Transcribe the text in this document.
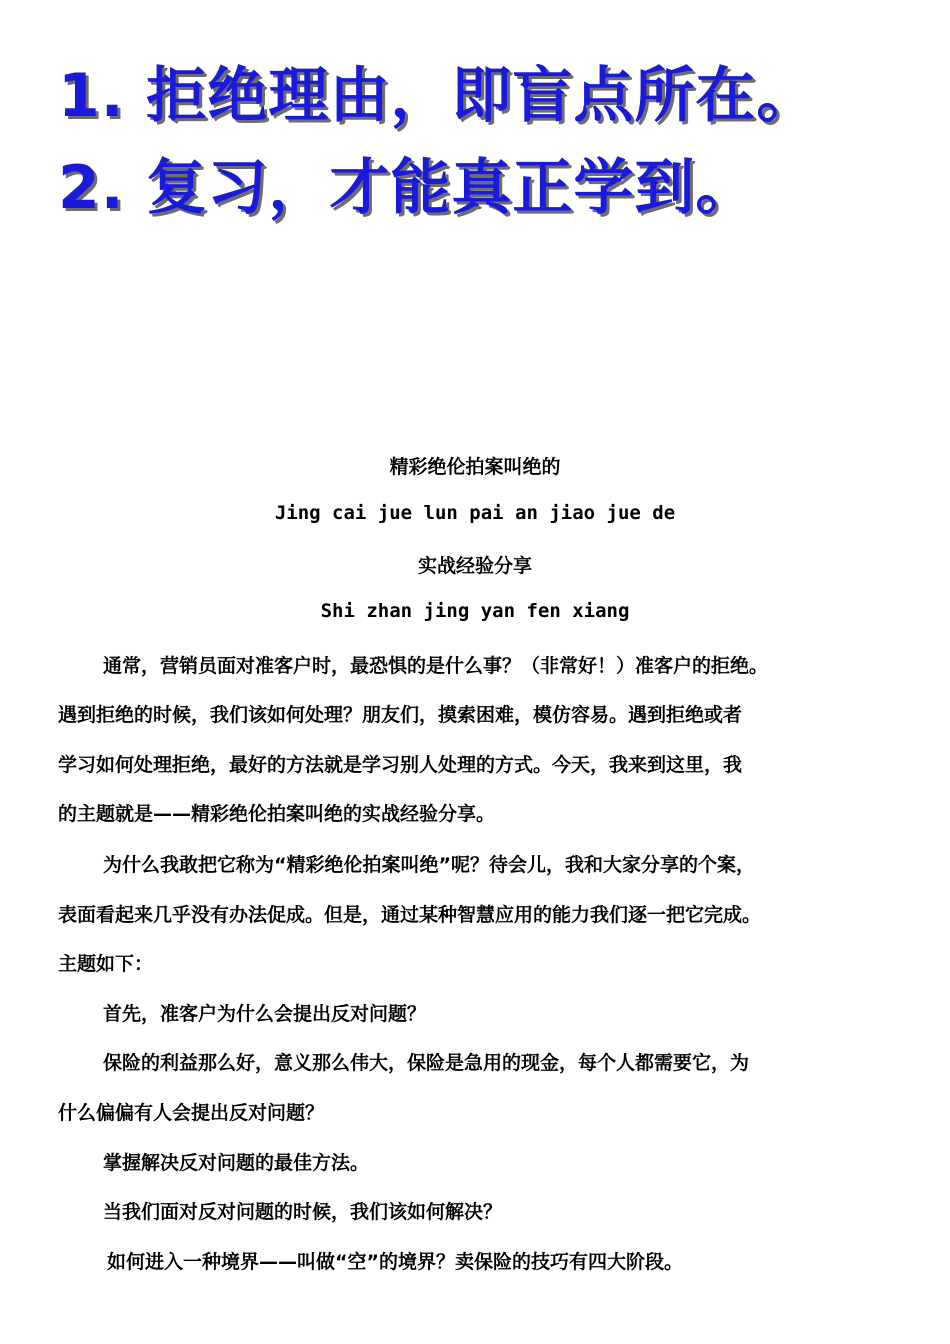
1. 拒绝理由，即盲点所在。
2. 复习，才能真正学到。
精彩绝伦拍案叫绝的
Jing cai jue lun pai an jiao jue de
实战经验分享
Shi zhan jing yan fen xiang
通常，营销员面对准客户时，最恐惧的是什么事？（非常好！）准客户的拒绝。
遇到拒绝的时候，我们该如何处理？朋友们，摸索困难，模仿容易。遇到拒绝或者
学习如何处理拒绝，最好的方法就是学习别人处理的方式。今天，我来到这里，我
的主题就是——精彩绝伦拍案叫绝的实战经验分享。
为什么我敢把它称为“精彩绝伦拍案叫绝”呢？待会儿，我和大家分享的个案，
表面看起来几乎没有办法促成。但是，通过某种智慧应用的能力我们逐一把它完成。
主题如下：
首先，准客户为什么会提出反对问题？
保险的利益那么好，意义那么伟大，保险是急用的现金，每个人都需要它，为
什么偏偏有人会提出反对问题？
掌握解决反对问题的最佳方法。
当我们面对反对问题的时候，我们该如何解决？
如何进入一种境界——叫做“空”的境界？卖保险的技巧有四大阶段。
